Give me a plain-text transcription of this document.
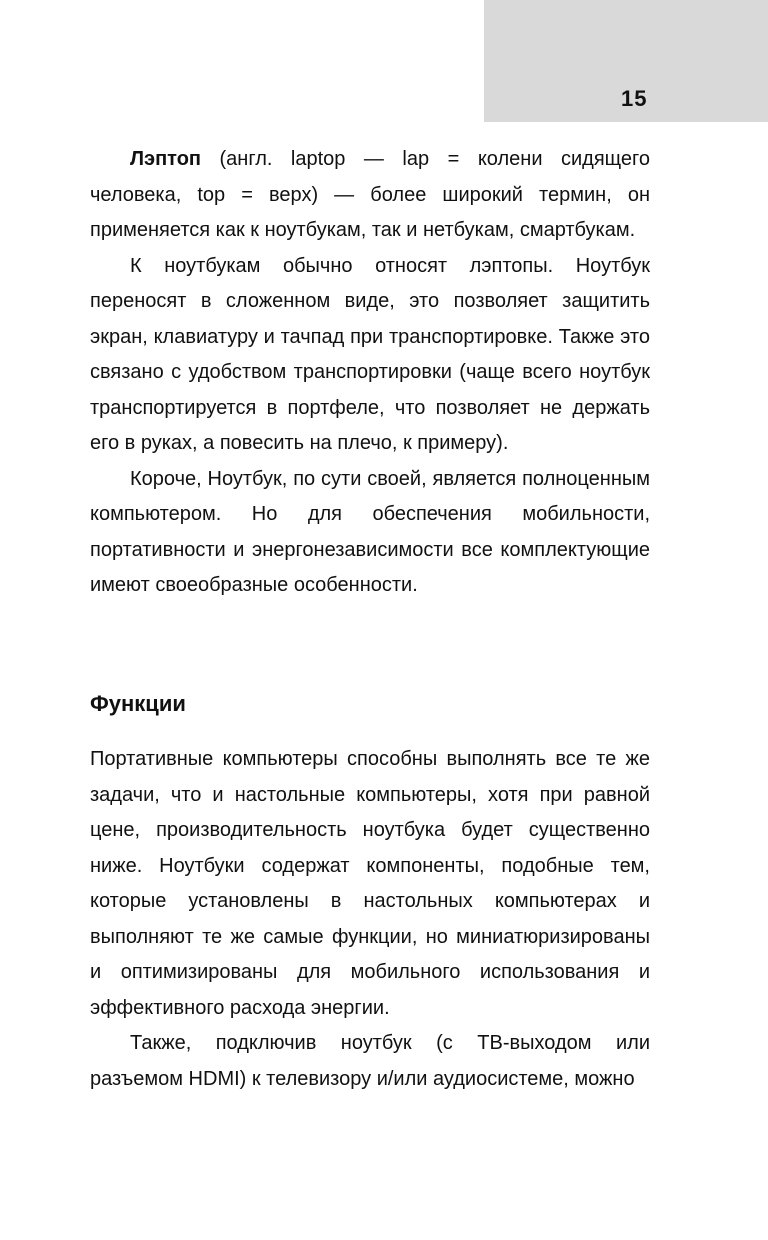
15

Лэптоп (англ. laptop — lap = колени сидящего человека, top = верх) — более широкий термин, он применяется как к ноутбукам, так и нетбукам, смартбукам.

К ноутбукам обычно относят лэптопы. Ноутбук переносят в сложенном виде, это позволяет защитить экран, клавиатуру и тачпад при транспортировке. Также это связано с удобством транспортировки (чаще всего ноутбук транспортируется в портфеле, что позволяет не держать его в руках, а повесить на плечо, к примеру).

Короче, Ноутбук, по сути своей, является полноценным компьютером. Но для обеспечения мобильности, портативности и энергонезависимости все комплектующие имеют своеобразные особенности.

Функции

Портативные компьютеры способны выполнять все те же задачи, что и настольные компьютеры, хотя при равной цене, производительность ноутбука будет существенно ниже. Ноутбуки содержат компоненты, подобные тем, которые установлены в настольных компьютерах и выполняют те же самые функции, но миниатюризированы и оптимизированы для мобильного использования и эффективного расхода энергии.

Также, подключив ноутбук (с ТВ-выходом или разъемом HDMI) к телевизору и/или аудиосистеме, можно
